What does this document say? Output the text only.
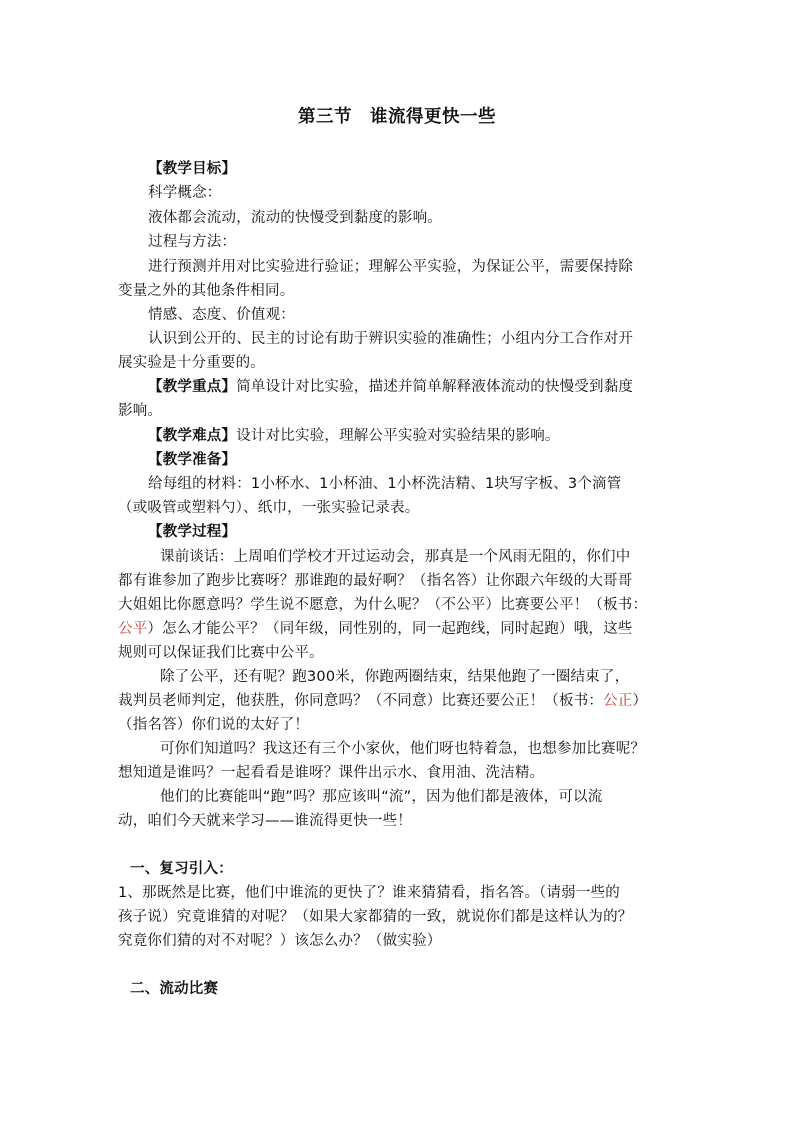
第三节 谁流得更快一些
【教学目标】
科学概念：
液体都会流动，流动的快慢受到黏度的影响。
过程与方法：
进行预测并用对比实验进行验证；理解公平实验，为保证公平，需要保持除
变量之外的其他条件相同。
情感、态度、价值观：
认识到公开的、民主的讨论有助于辨识实验的准确性；小组内分工合作对开
展实验是十分重要的。
【教学重点】简单设计对比实验，描述并简单解释液体流动的快慢受到黏度
影响。
【教学难点】设计对比实验，理解公平实验对实验结果的影响。
【教学准备】
给每组的材料：1小杯水、1小杯油、1小杯洗洁精、1块写字板、3个滴管
（或吸管或塑料勺）、纸巾，一张实验记录表。
【教学过程】
课前谈话：上周咱们学校才开过运动会，那真是一个风雨无阻的，你们中
都有谁参加了跑步比赛呀？那谁跑的最好啊？（指名答）让你跟六年级的大哥哥
大姐姐比你愿意吗？学生说不愿意，为什么呢？（不公平）比赛要公平！（板书：
公平）怎么才能公平？（同年级，同性别的，同一起跑线，同时起跑）哦，这些
规则可以保证我们比赛中公平。
除了公平，还有呢？跑300米，你跑两圈结束，结果他跑了一圈结束了，
裁判员老师判定，他获胜，你同意吗？（不同意）比赛还要公正！（板书：公正）
（指名答）你们说的太好了！
可你们知道吗？我这还有三个小家伙，他们呀也特着急，也想参加比赛呢？
想知道是谁吗？一起看看是谁呀？课件出示水、食用油、洗洁精。
他们的比赛能叫“跑”吗？那应该叫“流”，因为他们都是液体，可以流
动，咱们今天就来学习——谁流得更快一些！
一、复习引入：
1、那既然是比赛，他们中谁流的更快了？谁来猜猜看，指名答。（请弱一些的
孩子说）究竟谁猜的对呢？（如果大家都猜的一致，就说你们都是这样认为的？
究竟你们猜的对不对呢？）该怎么办？（做实验）
二、流动比赛
